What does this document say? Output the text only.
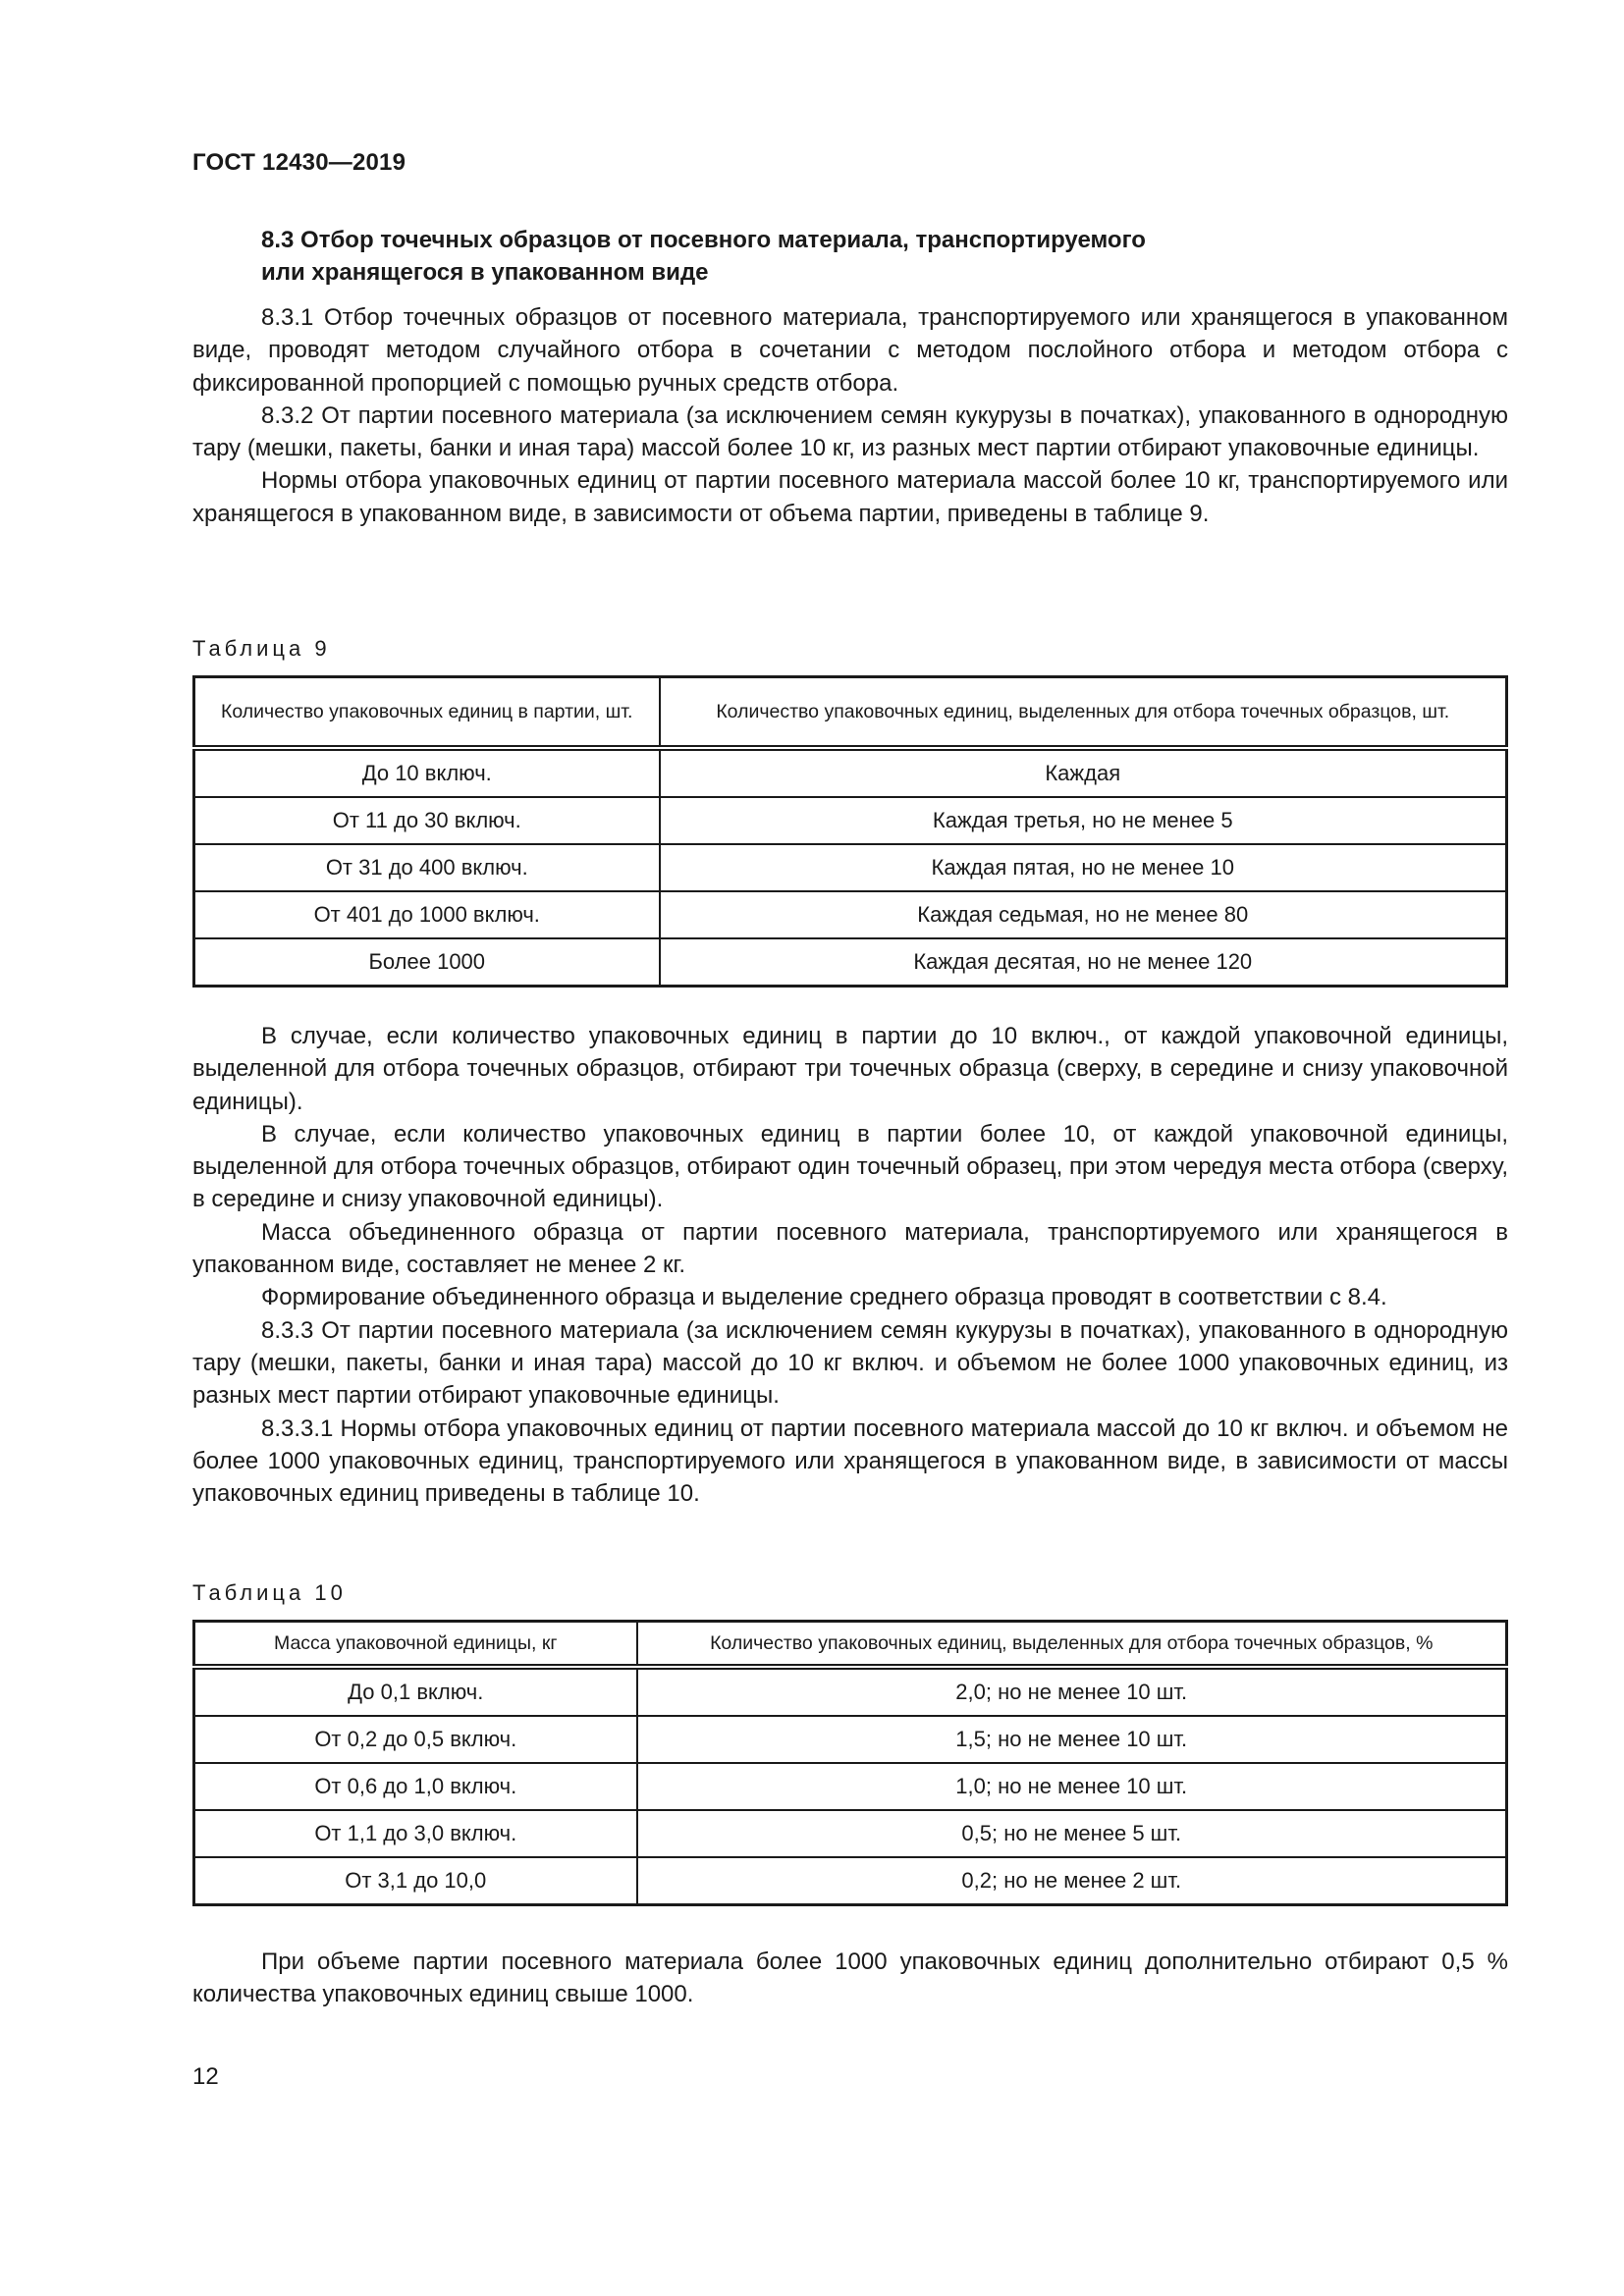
ГОСТ 12430—2019
8.3 Отбор точечных образцов от посевного материала, транспортируемого
или хранящегося в упакованном виде

8.3.1 Отбор точечных образцов от посевного материала, транспортируемого или хранящегося в упакованном виде, проводят методом случайного отбора в сочетании с методом послойного отбора и методом отбора с фиксированной пропорцией с помощью ручных средств отбора.

8.3.2 От партии посевного материала (за исключением семян кукурузы в початках), упакованного в однородную тару (мешки, пакеты, банки и иная тара) массой более 10 кг, из разных мест партии отбирают упаковочные единицы.

Нормы отбора упаковочных единиц от партии посевного материала массой более 10 кг, транспортируемого или хранящегося в упакованном виде, в зависимости от объема партии, приведены в таблице 9.

Таблица 9
Количество упаковочных единиц в партии, шт.	Количество упаковочных единиц, выделенных для отбора точечных образцов, шт.
До 10 включ.	Каждая
От 11 до 30 включ.	Каждая третья, но не менее 5
От 31 до 400 включ.	Каждая пятая, но не менее 10
От 401 до 1000 включ.	Каждая седьмая, но не менее 80
Более 1000	Каждая десятая, но не менее 120

В случае, если количество упаковочных единиц в партии до 10 включ., от каждой упаковочной единицы, выделенной для отбора точечных образцов, отбирают три точечных образца (сверху, в середине и снизу упаковочной единицы).

В случае, если количество упаковочных единиц в партии более 10, от каждой упаковочной единицы, выделенной для отбора точечных образцов, отбирают один точечный образец, при этом чередуя места отбора (сверху, в середине и снизу упаковочной единицы).

Масса объединенного образца от партии посевного материала, транспортируемого или хранящегося в упакованном виде, составляет не менее 2 кг.

Формирование объединенного образца и выделение среднего образца проводят в соответствии с 8.4.

8.3.3 От партии посевного материала (за исключением семян кукурузы в початках), упакованного в однородную тару (мешки, пакеты, банки и иная тара) массой до 10 кг включ. и объемом не более 1000 упаковочных единиц, из разных мест партии отбирают упаковочные единицы.

8.3.3.1 Нормы отбора упаковочных единиц от партии посевного материала массой до 10 кг включ. и объемом не более 1000 упаковочных единиц, транспортируемого или хранящегося в упакованном виде, в зависимости от массы упаковочных единиц приведены в таблице 10.

Таблица 10
Масса упаковочной единицы, кг	Количество упаковочных единиц, выделенных для отбора точечных образцов, %
До 0,1 включ.	2,0; но не менее 10 шт.
От 0,2 до 0,5 включ.	1,5; но не менее 10 шт.
От 0,6 до 1,0 включ.	1,0; но не менее 10 шт.
От 1,1 до 3,0 включ.	0,5; но не менее 5 шт.
От 3,1 до 10,0	0,2; но не менее 2 шт.

При объеме партии посевного материала более 1000 упаковочных единиц дополнительно отбирают 0,5 % количества упаковочных единиц свыше 1000.

12
